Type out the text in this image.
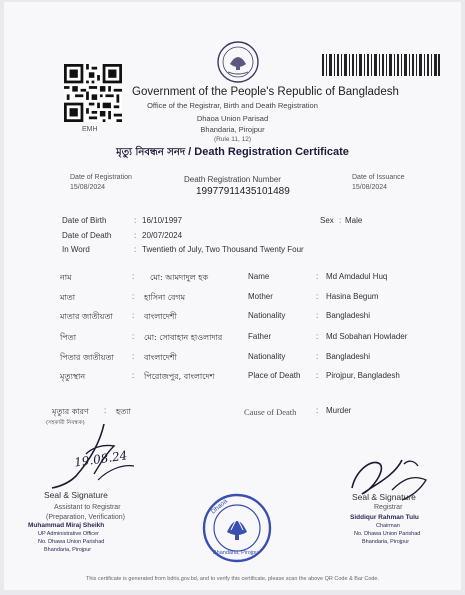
EMH
Government of the People's Republic of Bangladesh
Office of the Registrar, Birth and Death Registration
Dhaoa Union Parisad
Bhandaria, Pirojpur
(Rule 11, 12)
মৃত্যু নিবন্ধন সনদ / Death Registration Certificate
Date of Registration
15/08/2024
Death Registration Number
19977911435101489
Date of Issuance
15/08/2024
Date of Birth	: 16/10/1997	Sex : Male
Date of Death	: 20/07/2024
In Word	: Twentieth of July, Two Thousand Twenty Four
নাম	: মো: আমদাদুল হক	Name	: Md Amdadul Huq
মাতা	: হাসিনা বেগম	Mother	: Hasina Begum
মাতার জাতীয়তা : বাংলাদেশী	Nationality	: Bangladeshi
পিতা	: মো: সোবাহান হাওলাদার	Father	: Md Sobahan Howlader
পিতার জাতীয়তা : বাংলাদেশী	Nationality	: Bangladeshi
মৃত্যুস্থান	: পিরোজপুর, বাংলাদেশ	Place of Death : Pirojpur, Bangladesh
মৃত্যুর কারণ : হত্যা	Cause of Death : Murder
(সহকারী নিবন্ধক)
19.08.24
Seal & Signature
Assistant to Registrar
(Preparation, Verification)
Muhammad Miraj Sheikh
UP Administrative Officer
No. Dhawa Union Parishad
Bhandaria, Pirojpur
Dhaoa
Bhandaria, Pirojpur
Seal & Signature
Registrar
Siddiqur Rahman Tulu
Chairman
No. Dhawa Union Parishad
Bhandaria, Pirojpur
This certificate is generated from bdris.gov.bd, and to verify this certificate, please scan the above QR Code & Bar Code.
